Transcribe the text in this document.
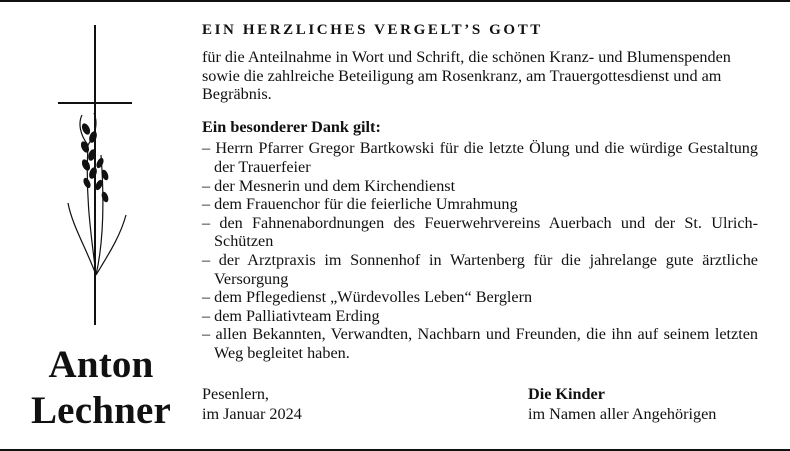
Anton
Lechner
EIN HERZLICHES VERGELT’S GOTT

für die Anteilnahme in Wort und Schrift, die schönen Kranz- und Blumenspenden sowie die zahlreiche Beteiligung am Rosenkranz, am Trauergottesdienst und am Begräbnis.

Ein besonderer Dank gilt:
– Herrn Pfarrer Gregor Bartkowski für die letzte Ölung und die würdige Gestaltung der Trauerfeier
– der Mesnerin und dem Kirchendienst
– dem Frauenchor für die feierliche Umrahmung
– den Fahnenabordnungen des Feuerwehrvereins Auerbach und der St. Ulrich-Schützen
– der Arztpraxis im Sonnenhof in Wartenberg für die jahrelange gute ärztliche Versorgung
– dem Pflegedienst „Würdevolles Leben“ Berglern
– dem Palliativteam Erding
– allen Bekannten, Verwandten, Nachbarn und Freunden, die ihn auf seinem letzten Weg begleitet haben.
Pesenlern,
im Januar 2024
Die Kinder
im Namen aller Angehörigen
